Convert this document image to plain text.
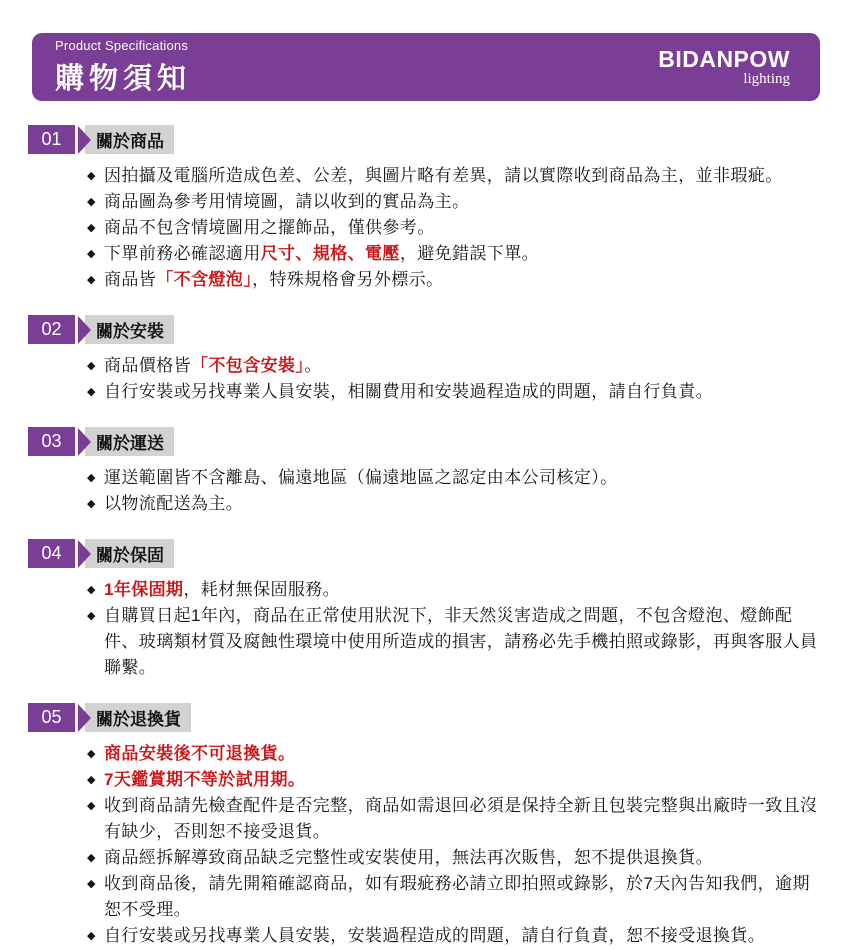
Product Specifications
購物須知
BIDANPOW
lighting
01	關於商品
◆ 因拍攝及電腦所造成色差、公差，與圖片略有差異，請以實際收到商品為主，並非瑕疵。
◆ 商品圖為參考用情境圖，請以收到的實品為主。
◆ 商品不包含情境圖用之擺飾品，僅供參考。
◆ 下單前務必確認適用尺寸、規格、電壓，避免錯誤下單。
◆ 商品皆「不含燈泡」，特殊規格會另外標示。
02	關於安裝
◆ 商品價格皆「不包含安裝」。
◆ 自行安裝或另找專業人員安裝，相關費用和安裝過程造成的問題，請自行負責。
03	關於運送
◆ 運送範圍皆不含離島、偏遠地區（偏遠地區之認定由本公司核定）。
◆ 以物流配送為主。
04	關於保固
◆ 1年保固期，耗材無保固服務。
◆ 自購買日起1年內，商品在正常使用狀況下，非天然災害造成之問題，不包含燈泡、燈飾配件、玻璃類材質及腐蝕性環境中使用所造成的損害，請務必先手機拍照或錄影，再與客服人員聯繫。
05	關於退換貨
◆ 商品安裝後不可退換貨。
◆ 7天鑑賞期不等於試用期。
◆ 收到商品請先檢查配件是否完整，商品如需退回必須是保持全新且包裝完整與出廠時一致且沒有缺少，否則恕不接受退貨。
◆ 商品經拆解導致商品缺乏完整性或安裝使用，無法再次販售，恕不提供退換貨。
◆ 收到商品後，請先開箱確認商品，如有瑕疵務必請立即拍照或錄影，於7天內告知我們，逾期恕不受理。
◆ 自行安裝或另找專業人員安裝，安裝過程造成的問題，請自行負責，恕不接受退換貨。
